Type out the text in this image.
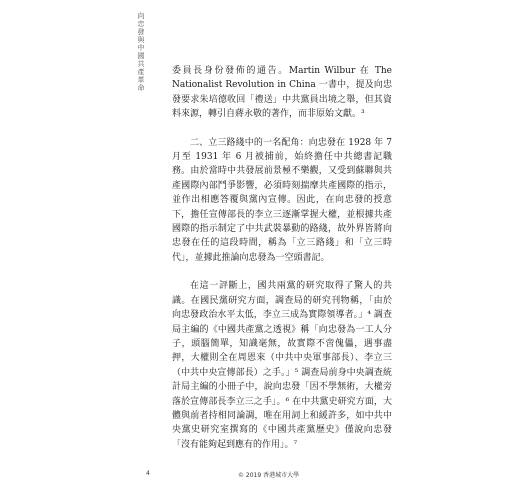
向忠發與中國共產革命	委員長身份發佈的通告。Martin Wilbur 在 The Nationalist Revolution in China 一書中，提及向忠發要求朱培德收回「禮送」中共黨員出境之舉，但其資料來源，轉引自蔣永敬的著作，而非原始文獻。³

二、立三路綫中的一名配角：向忠發在 1928 年 7 月至 1931 年 6 月被捕前，始終擔任中共總書記職務。由於當時中共發展前景極不樂觀，又受到蘇聯與共產國際內部鬥爭影響，必須時刻揣摩共產國際的指示，並作出相應答覆與黨內宣傳。因此，在向忠發的授意下，擔任宣傳部長的李立三逐漸掌握大權，並根據共產國際的指示制定了中共武裝暴動的路綫，故外界皆將向忠發在任的這段時間，稱為「立三路綫」和「立三時代」，並據此推論向忠發為一空頭書記。

在這一評斷上，國共兩黨的研究取得了驚人的共識。在國民黨研究方面，調查局的研究刊物稱，「由於向忠發政治水平太低，李立三成為實際領導者。」⁴ 調查局主編的《中國共產黨之透視》稱「向忠發為一工人分子，頭腦簡單，知識毫無，故實際不啻傀儡，遇事盡押，大權則全在周恩來（中共中央軍事部長）、李立三（中共中央宣傳部長）之手。」⁵ 調查局前身中央調查統計局主編的小冊子中，說向忠發「因不學無術，大權旁落於宣傳部長李立三之手」。⁶ 在中共黨史研究方面，大體與前者持相同論調，唯在用詞上和緩許多，如中共中央黨史研究室撰寫的《中國共產黨歷史》僅說向忠發「沒有能夠起到應有的作用」。⁷

4	© 2019 香港城市大學
